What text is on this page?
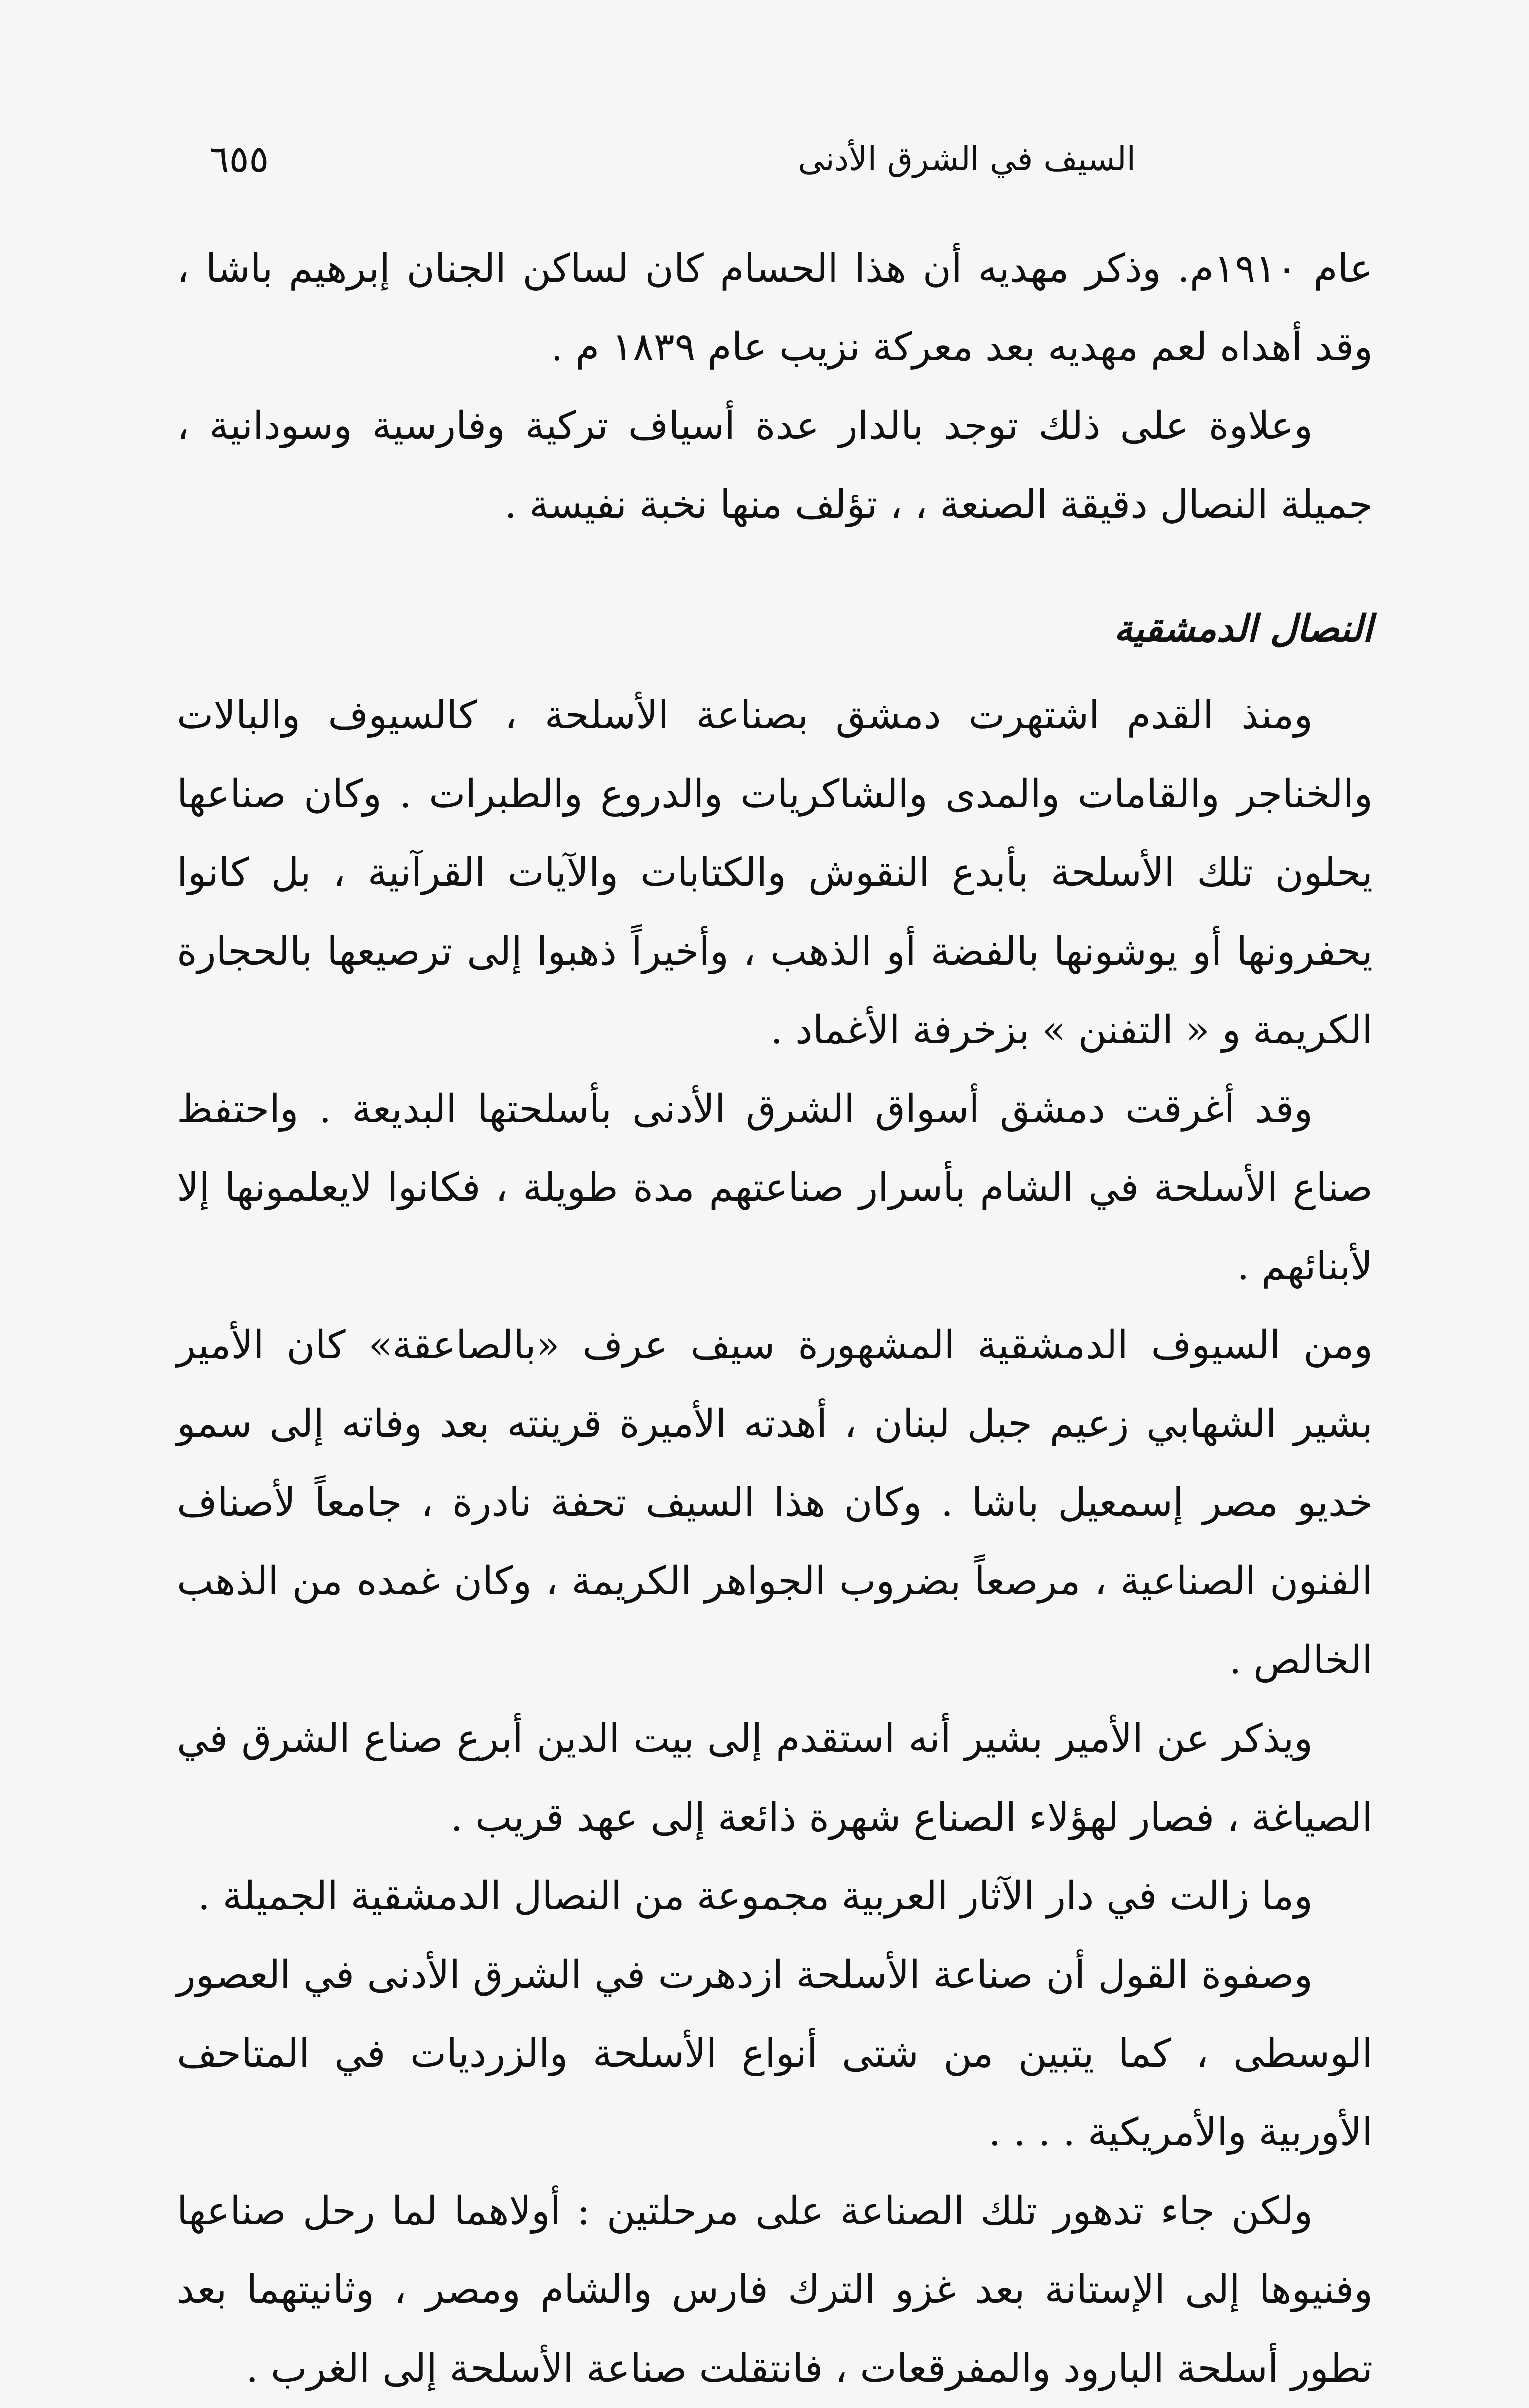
٦٥٥	السيف في الشرق الأدنى

عام ١٩١٠م. وذكر مهديه أن هذا الحسام كان لساكن الجنان إبرهيم باشا ، وقد أهداه لعم مهديه بعد معركة نزيب عام ١٨٣٩ م .

وعلاوة على ذلك توجد بالدار عدة أسياف تركية وفارسية وسودانية ، جميلة النصال دقيقة الصنعة ، ، تؤلف منها نخبة نفيسة .

النصال الدمشقية

ومنذ القدم اشتهرت دمشق بصناعة الأسلحة ، كالسيوف والبالات والخناجر والقامات والمدى والشاكريات والدروع والطبرات . وكان صناعها يحلون تلك الأسلحة بأبدع النقوش والكتابات والآيات القرآنية ، بل كانوا يحفرونها أو يوشونها بالفضة أو الذهب ، وأخيراً ذهبوا إلى ترصيعها بالحجارة الكريمة و « التفنن » بزخرفة الأغماد .

وقد أغرقت دمشق أسواق الشرق الأدنى بأسلحتها البديعة . واحتفظ صناع الأسلحة في الشام بأسرار صناعتهم مدة طويلة ، فكانوا لايعلمونها إلا لأبنائهم .

ومن السيوف الدمشقية المشهورة سيف عرف «بالصاعقة» كان الأمير بشير الشهابي زعيم جبل لبنان ، أهدته الأميرة قرينته بعد وفاته إلى سمو خديو مصر إسمعيل باشا . وكان هذا السيف تحفة نادرة ، جامعاً لأصناف الفنون الصناعية ، مرصعاً بضروب الجواهر الكريمة ، وكان غمده من الذهب الخالص .

ويذكر عن الأمير بشير أنه استقدم إلى بيت الدين أبرع صناع الشرق في الصياغة ، فصار لهؤلاء الصناع شهرة ذائعة إلى عهد قريب .

وما زالت في دار الآثار العربية مجموعة من النصال الدمشقية الجميلة .

وصفوة القول أن صناعة الأسلحة ازدهرت في الشرق الأدنى في العصور الوسطى ، كما يتبين من شتى أنواع الأسلحة والزرديات في المتاحف الأوربية والأمريكية . . . .

ولكن جاء تدهور تلك الصناعة على مرحلتين : أولاهما لما رحل صناعها وفنيوها إلى الإستانة بعد غزو الترك فارس والشام ومصر ، وثانيتهما بعد تطور أسلحة البارود والمفرقعات ، فانتقلت صناعة الأسلحة إلى الغرب .
